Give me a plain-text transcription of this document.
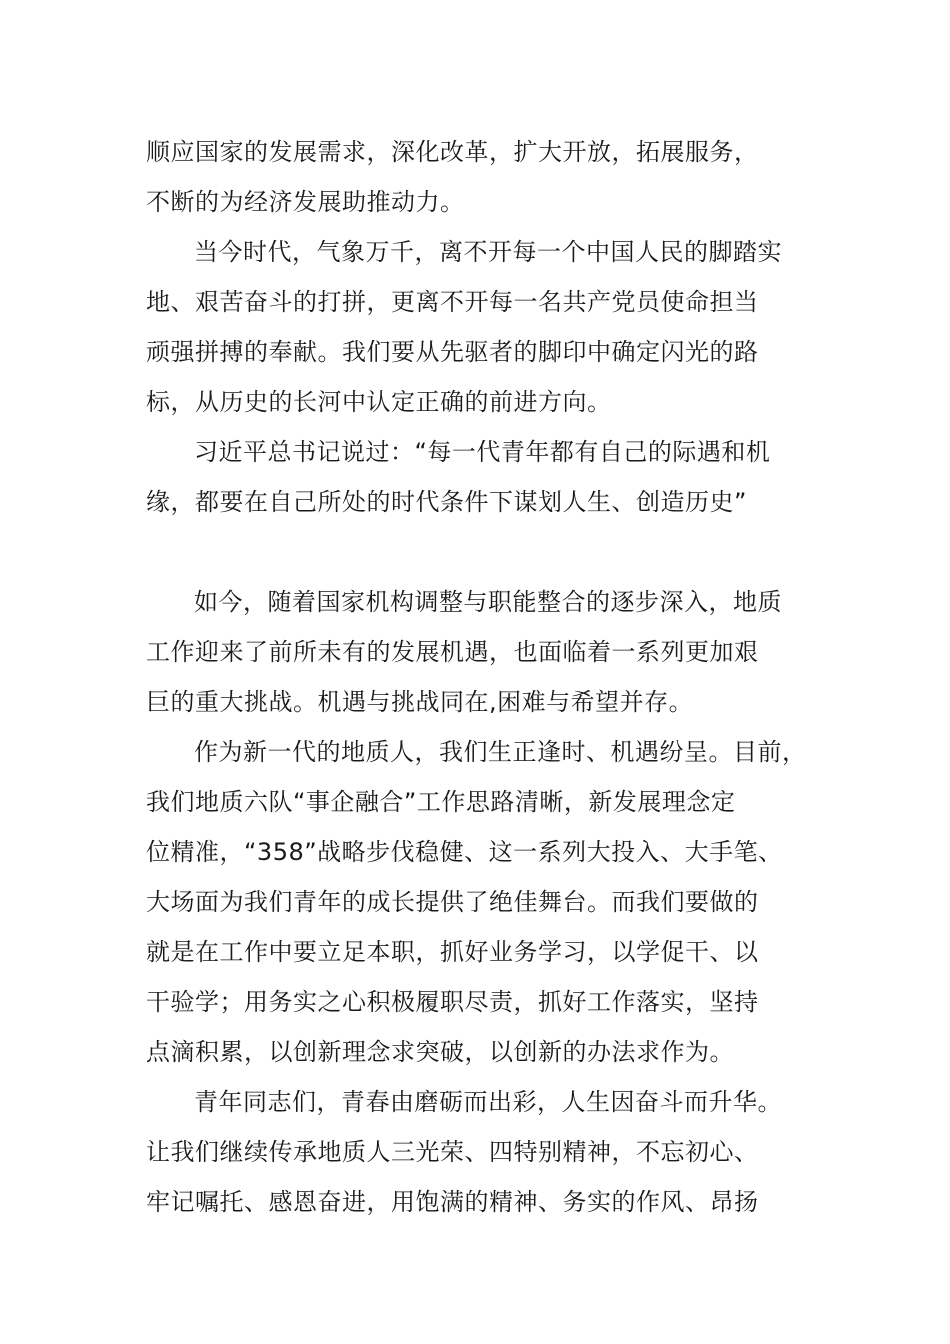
顺应国家的发展需求，深化改革，扩大开放，拓展服务，
不断的为经济发展助推动力。
当今时代，气象万千，离不开每一个中国人民的脚踏实
地、艰苦奋斗的打拼，更离不开每一名共产党员使命担当
顽强拼搏的奉献。我们要从先驱者的脚印中确定闪光的路
标，从历史的长河中认定正确的前进方向。
习近平总书记说过：“每一代青年都有自己的际遇和机
缘，都要在自己所处的时代条件下谋划人生、创造历史”
如今，随着国家机构调整与职能整合的逐步深入，地质
工作迎来了前所未有的发展机遇，也面临着一系列更加艰
巨的重大挑战。机遇与挑战同在,困难与希望并存。
作为新一代的地质人，我们生正逢时、机遇纷呈。目前，
我们地质六队“事企融合”工作思路清晰，新发展理念定
位精准，“358”战略步伐稳健、这一系列大投入、大手笔、
大场面为我们青年的成长提供了绝佳舞台。而我们要做的
就是在工作中要立足本职，抓好业务学习，以学促干、以
干验学；用务实之心积极履职尽责，抓好工作落实，坚持
点滴积累，以创新理念求突破，以创新的办法求作为。
青年同志们，青春由磨砺而出彩，人生因奋斗而升华。
让我们继续传承地质人三光荣、四特别精神，不忘初心、
牢记嘱托、感恩奋进，用饱满的精神、务实的作风、昂扬
